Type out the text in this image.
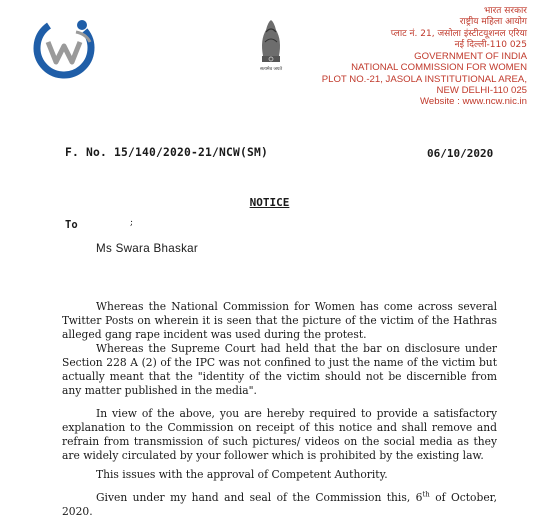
सत्यमेव जयते
भारत सरकार
राष्ट्रीय महिला आयोग
प्लाट नं. 21, जसोला इंस्टीटयूशनल एरिया
नई दिल्ली-110 025
GOVERNMENT OF INDIA
NATIONAL COMMISSION FOR WOMEN
PLOT NO.-21, JASOLA INSTITUTIONAL AREA,
NEW DELHI-110 025
Website : www.ncw.nic.in
F. No. 15/140/2020-21/NCW(SM)	06/10/2020
NOTICE
To	;
Ms Swara Bhaskar

Whereas the National Commission for Women has come across several Twitter Posts on wherein it is seen that the picture of the victim of the Hathras alleged gang rape incident was used during the protest.

Whereas the Supreme Court had held that the bar on disclosure under Section 228 A (2) of the IPC was not confined to just the name of the victim but actually meant that the "identity of the victim should not be discernible from any matter published in the media".

In view of the above, you are hereby required to provide a satisfactory explanation to the Commission on receipt of this notice and shall remove and refrain from transmission of such pictures/ videos on the social media as they are widely circulated by your follower which is prohibited by the existing law.

This issues with the approval of Competent Authority.

Given under my hand and seal of the Commission this, 6th of October, 2020.
